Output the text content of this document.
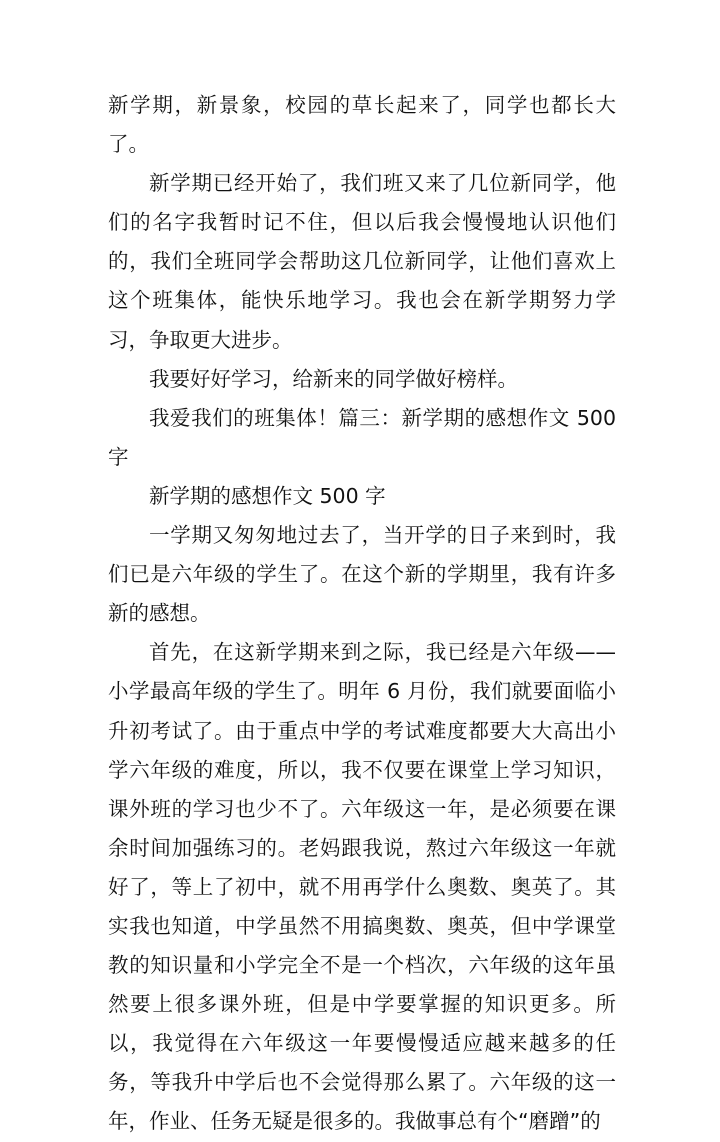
新学期，新景象，校园的草长起来了，同学也都长大了。

新学期已经开始了，我们班又来了几位新同学，他们的名字我暂时记不住，但以后我会慢慢地认识他们的，我们全班同学会帮助这几位新同学，让他们喜欢上这个班集体，能快乐地学习。我也会在新学期努力学习，争取更大进步。

我要好好学习，给新来的同学做好榜样。

我爱我们的班集体！篇三：新学期的感想作文 500 字

新学期的感想作文 500 字

一学期又匆匆地过去了，当开学的日子来到时，我们已是六年级的学生了。在这个新的学期里，我有许多新的感想。

首先，在这新学期来到之际，我已经是六年级——小学最高年级的学生了。明年 6 月份，我们就要面临小升初考试了。由于重点中学的考试难度都要大大高出小学六年级的难度，所以，我不仅要在课堂上学习知识，课外班的学习也少不了。六年级这一年，是必须要在课余时间加强练习的。老妈跟我说，熬过六年级这一年就好了，等上了初中，就不用再学什么奥数、奥英了。其实我也知道，中学虽然不用搞奥数、奥英，但中学课堂教的知识量和小学完全不是一个档次，六年级的这年虽然要上很多课外班，但是中学要掌握的知识更多。所以，我觉得在六年级这一年要慢慢适应越来越多的任务，等我升中学后也不会觉得那么累了。六年级的这一年，作业、任务无疑是很多的。我做事总有个“磨蹭”的
